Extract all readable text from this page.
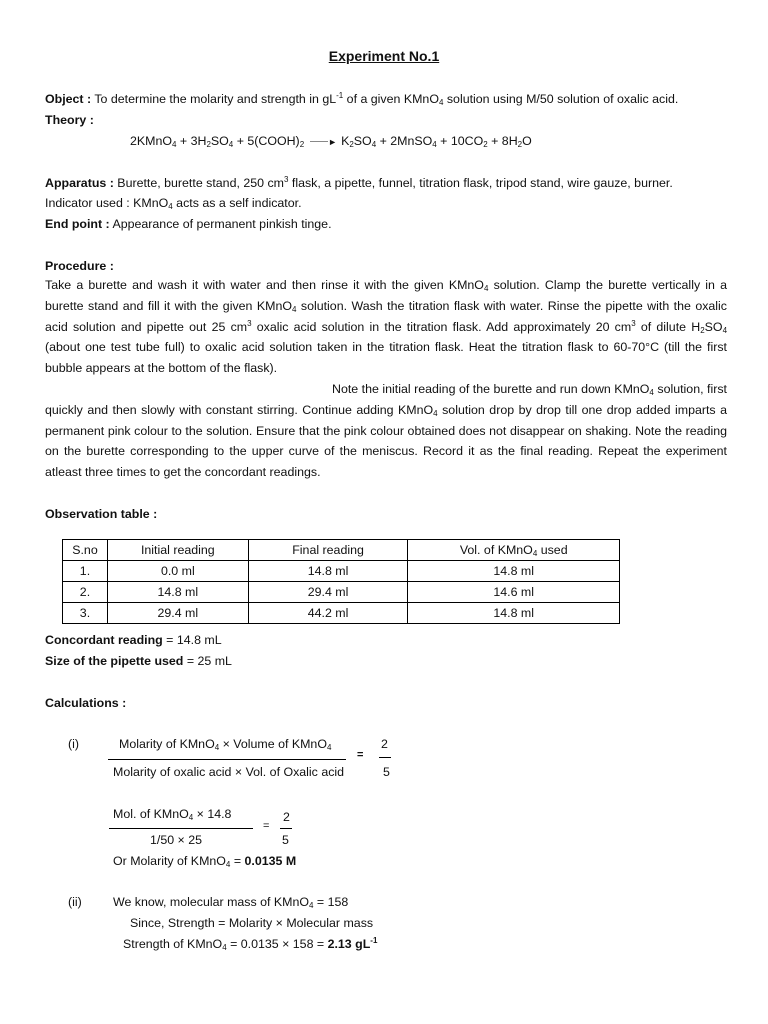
Experiment No.1
Object : To determine the molarity and strength in $gL^{-1}$ of a given KMnO$_4$ solution using M/50 solution of oxalic acid.
Theory :
2KMnO$_4$ + $3H_2SO_4$ + $5(COOH)_2$	► $K_2SO_4$ + 2MnSO$_4$ + $10CO_2 + 8H_2O$
Apparatus : Burette, burette stand, 250 $cm^3$ flask, a pipette, funnel, titration flask, tripod stand, wire gauze, burner.
Indicator used : KMnO$_4$ acts as a self indicator.
End point : Appearance of permanent pinkish tinge.
Procedure :
Take a burette and wash it with water and then rinse it with the given KMnO$_4$ solution. Clamp the burette vertically in a burette stand and fill it with the given KMnO$_4$ solution. Wash the titration flask with water. Rinse the pipette with the oxalic acid solution and pipette out 25 $cm^3$ oxalic acid solution in the titration flask. Add approximately 20 $cm^3$ of dilute $H_2SO_4$ (about one test tube full) to oxalic acid solution taken in the titration flask. Heat the titration flask to 60-70°C (till the first bubble appears at the bottom of the flask).
Note the initial reading of the burette and run down KMnO$_4$ solution, first quickly and then slowly with constant stirring. Continue adding KMnO$_4$ solution drop by drop till one drop added imparts a permanent pink colour to the solution. Ensure that the pink colour obtained does not disappear on shaking. Note the reading on the burette corresponding to the upper curve of the meniscus. Record it as the final reading. Repeat the experiment atleast three times to get the concordant readings.
Observation table :
S.no	Initial reading	Final reading	Vol. of KMnO$_4$ used
1.	0.0 ml	14.8 ml	14.8 ml
2.	14.8 ml	29.4 ml	14.6 ml
3.	29.4 ml	44.2 ml	14.8 ml
Concordant reading = 14.8 mL
Size of the pipette used = 25 mL
Calculations :
(i)	Molarity of KMnO$_4$ × Volume of KMnO$_4$
Molarity of oxalic acid × Vol. of Oxalic acid
=
2
5
Mol. of KMnO$_4$ × 14.8
1/50 × 25
=
2
5
Or Molarity of KMnO$_4$ = 0.0135 M
(ii)	We know, molecular mass of KMnO$_4$ = 158
Since, Strength = Molarity × Molecular mass
Strength of KMnO$_4$ = 0.0135 × 158 = 2.13 $gL^{-1}$
